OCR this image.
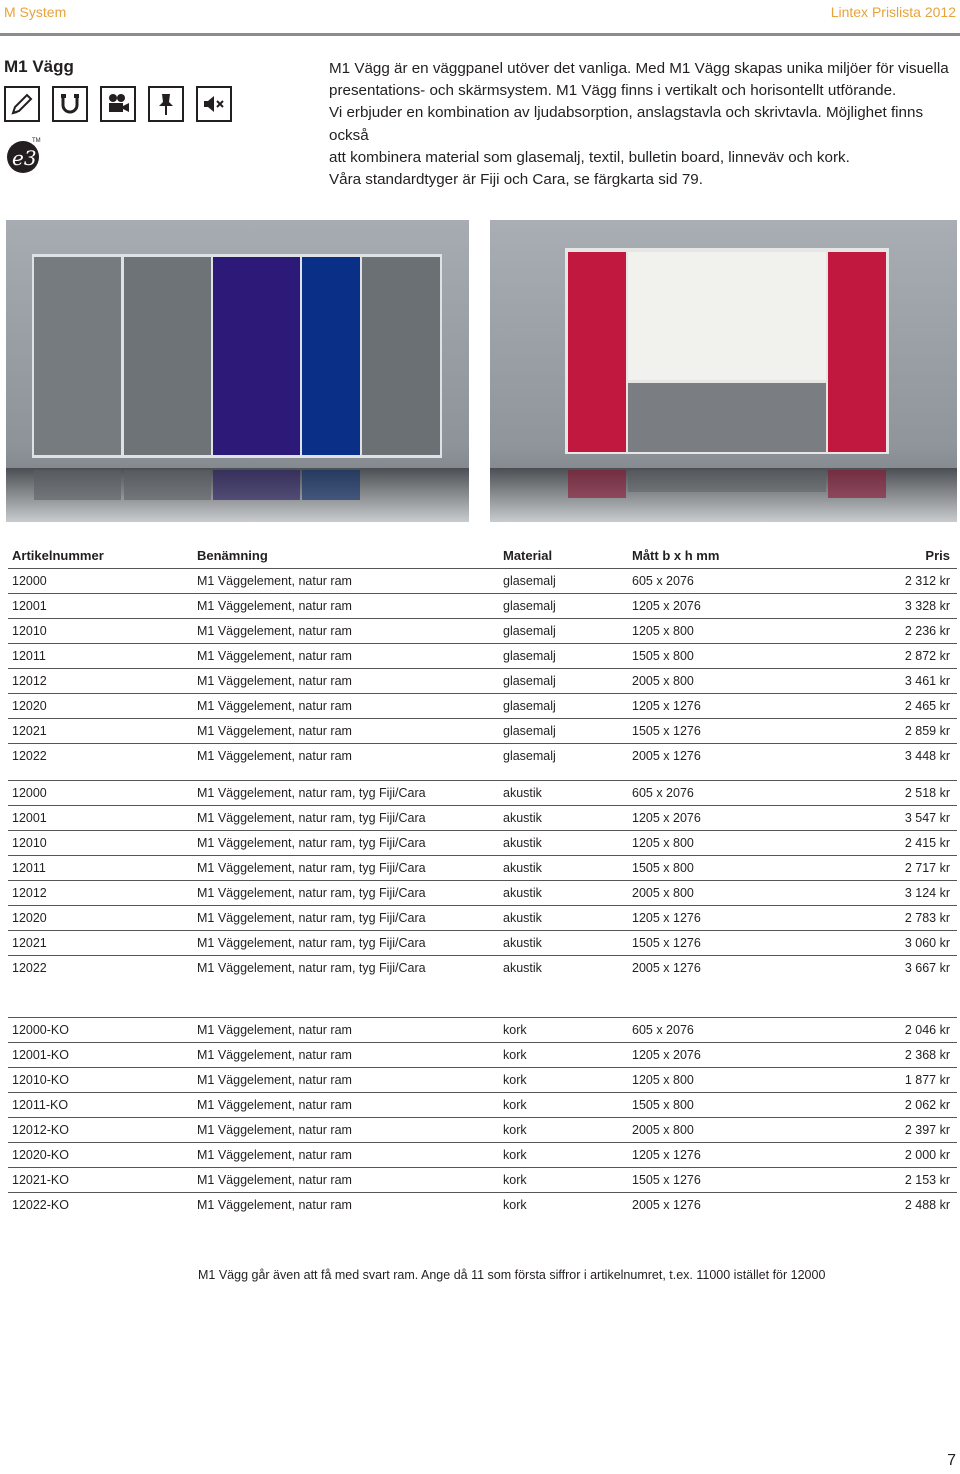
M System	Lintex Prislista 2012
M1 Vägg
e3
TM

M1 Vägg är en väggpanel utöver det vanliga. Med M1 Vägg skapas unika miljöer för visuella

presentations- och skärmsystem. M1 Vägg finns i vertikalt och horisontellt utförande.

Vi erbjuder en kombination av ljudabsorption, anslagstavla och skrivtavla. Möjlighet finns också

att kombinera material som glasemalj, textil, bulletin board, linneväv och kork.

Våra standardtyger är Fiji och Cara, se färgkarta sid 79.

Artikelnummer	Benämning	Material	Mått b x h mm	Pris
12000	M1 Väggelement, natur ram	glasemalj	605 x 2076	2 312 kr
12001	M1 Väggelement, natur ram	glasemalj	1205 x 2076	3 328 kr
12010	M1 Väggelement, natur ram	glasemalj	1205 x 800	2 236 kr
12011	M1 Väggelement, natur ram	glasemalj	1505 x 800	2 872 kr
12012	M1 Väggelement, natur ram	glasemalj	2005 x 800	3 461 kr
12020	M1 Väggelement, natur ram	glasemalj	1205 x 1276	2 465 kr
12021	M1 Väggelement, natur ram	glasemalj	1505 x 1276	2 859 kr
12022	M1 Väggelement, natur ram	glasemalj	2005 x 1276	3 448 kr

12000	M1 Väggelement, natur ram, tyg Fiji/Cara	akustik	605 x 2076	2 518 kr
12001	M1 Väggelement, natur ram, tyg Fiji/Cara	akustik	1205 x 2076	3 547 kr
12010	M1 Väggelement, natur ram, tyg Fiji/Cara	akustik	1205 x 800	2 415 kr
12011	M1 Väggelement, natur ram, tyg Fiji/Cara	akustik	1505 x 800	2 717 kr
12012	M1 Väggelement, natur ram, tyg Fiji/Cara	akustik	2005 x 800	3 124 kr
12020	M1 Väggelement, natur ram, tyg Fiji/Cara	akustik	1205 x 1276	2 783 kr
12021	M1 Väggelement, natur ram, tyg Fiji/Cara	akustik	1505 x 1276	3 060 kr
12022	M1 Väggelement, natur ram, tyg Fiji/Cara	akustik	2005 x 1276	3 667 kr

12000-KO	M1 Väggelement, natur ram	kork	605 x 2076	2 046 kr
12001-KO	M1 Väggelement, natur ram	kork	1205 x 2076	2 368 kr
12010-KO	M1 Väggelement, natur ram	kork	1205 x 800	1 877 kr
12011-KO	M1 Väggelement, natur ram	kork	1505 x 800	2 062 kr
12012-KO	M1 Väggelement, natur ram	kork	2005 x 800	2 397 kr
12020-KO	M1 Väggelement, natur ram	kork	1205 x 1276	2 000 kr
12021-KO	M1 Väggelement, natur ram	kork	1505 x 1276	2 153 kr
12022-KO	M1 Väggelement, natur ram	kork	2005 x 1276	2 488 kr
M1 Vägg går även att få med svart ram. Ange då 11 som första siffror i artikelnumret, t.ex. 11000 istället för 12000
7
